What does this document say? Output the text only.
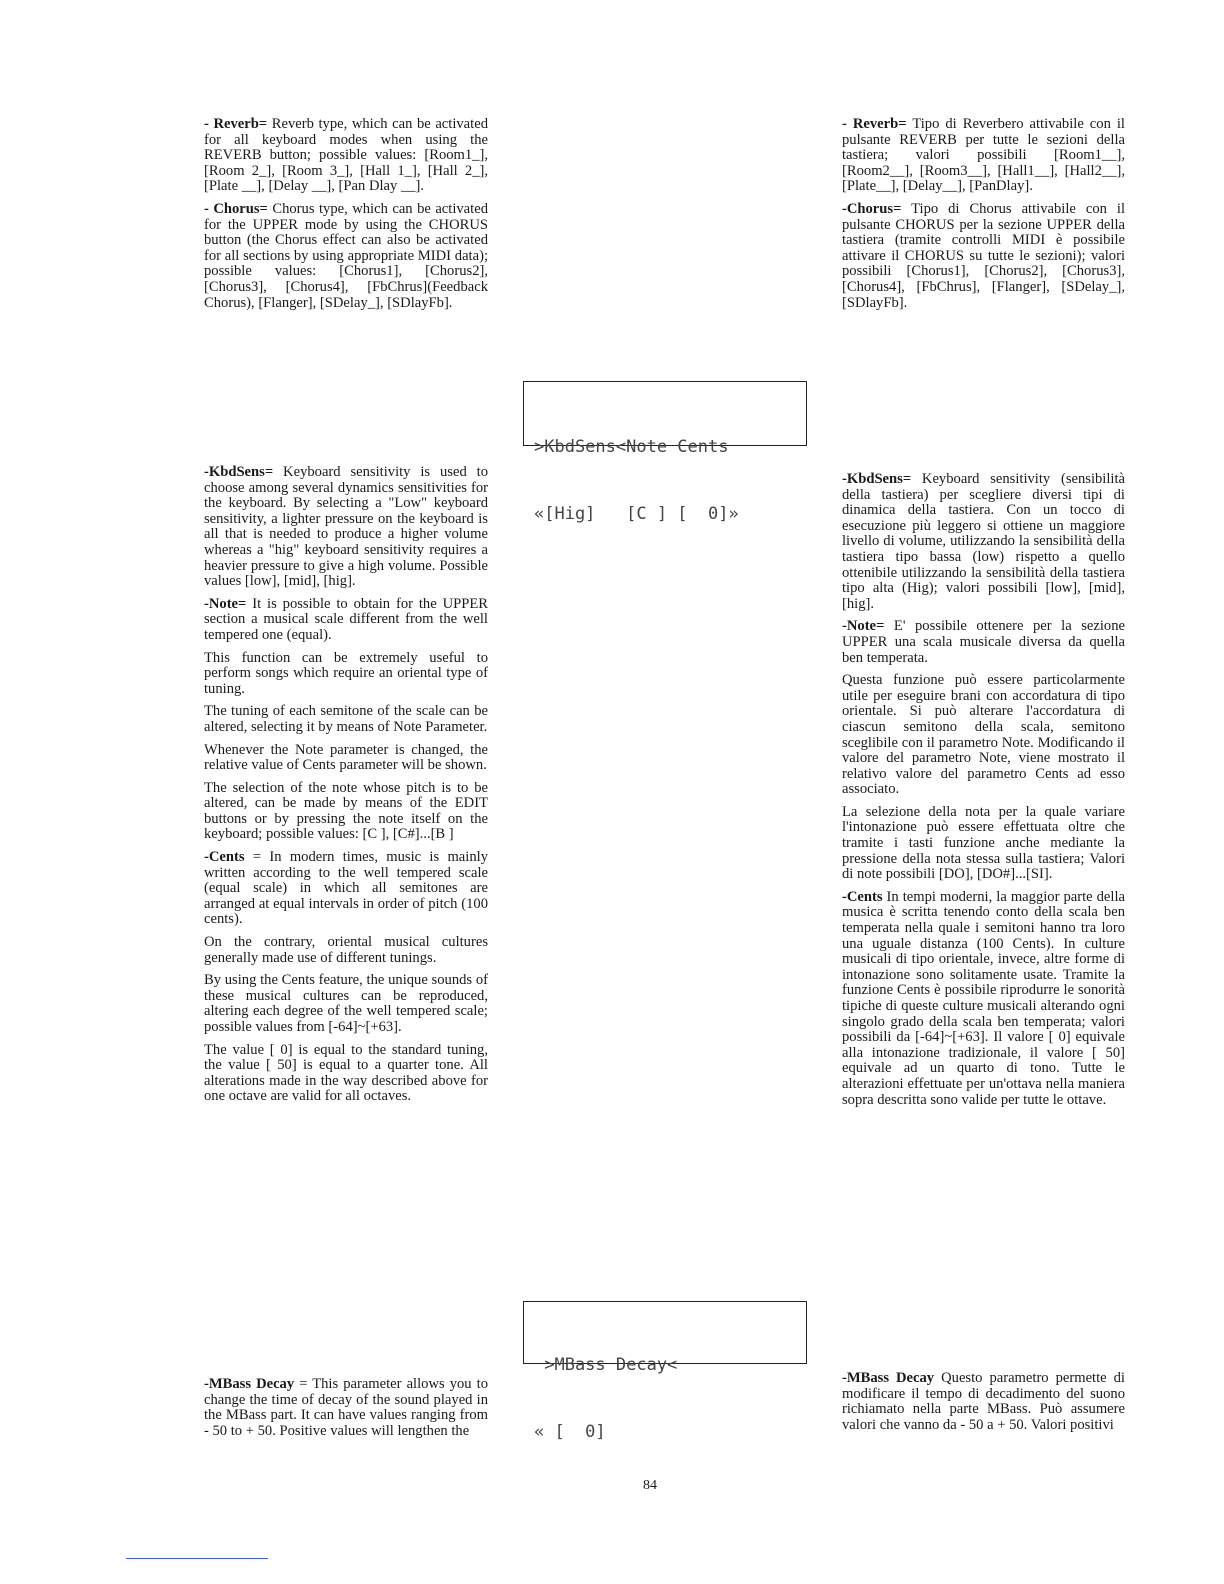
- Reverb= Reverb type, which can be activated for all keyboard modes when using the REVERB button; possible values: [Room1_], [Room 2_], [Room 3_], [Hall 1_], [Hall 2_], [Plate __], [Delay __], [Pan Dlay __].

- Chorus= Chorus type, which can be activated for the UPPER mode by using the CHORUS button (the Chorus effect can also be activated for all sections by using appropriate MIDI data); possible values: [Chorus1], [Chorus2], [Chorus3], [Chorus4], [FbChrus](Feedback Chorus), [Flanger], [SDelay_], [SDlayFb].

-KbdSens= Keyboard sensitivity is used to choose among several dynamics sensitivities for the keyboard. By selecting a "Low" keyboard sensitivity, a lighter pressure on the keyboard is all that is needed to produce a higher volume whereas a "hig" keyboard sensitivity requires a heavier pressure to give a high volume. Possible values [low], [mid], [hig].

-Note= It is possible to obtain for the UPPER section a musical scale different from the well tempered one (equal).

This function can be extremely useful to perform songs which require an oriental type of tuning.

The tuning of each semitone of the scale can be altered, selecting it by means of Note Parameter.

Whenever the Note parameter is changed, the relative value of Cents parameter will be shown.

The selection of the note whose pitch is to be altered, can be made by means of the EDIT buttons or by pressing the note itself on the keyboard; possible values: [C ], [C#]...[B ]

-Cents = In modern times, music is mainly written according to the well tempered scale (equal scale) in which all semitones are arranged at equal intervals in order of pitch (100 cents).

On the contrary, oriental musical cultures generally made use of different tunings.

By using the Cents feature, the unique sounds of these musical cultures can be reproduced, altering each degree of the well tempered scale; possible values from [-64]~[+63].

The value [ 0] is equal to the standard tuning, the value [ 50] is equal to a quarter tone. All alterations made in the way described above for one octave are valid for all octaves.

-MBass Decay = This parameter allows you to change the time of decay of the sound played in the MBass part. It can have values ranging from - 50 to + 50. Positive values will lengthen the

>KbdSens<Note Cents

«[Hig]   [C ] [  0]»

>MBass Decay<

« [  0]

- Reverb= Tipo di Reverbero attivabile con il pulsante REVERB per tutte le sezioni della tastiera; valori possibili [Room1__], [Room2__], [Room3__], [Hall1__], [Hall2__], [Plate__], [Delay__], [PanDlay].

-Chorus= Tipo di Chorus attivabile con il pulsante CHORUS per la sezione UPPER della tastiera (tramite controlli MIDI è possibile attivare il CHORUS su tutte le sezioni); valori possibili [Chorus1], [Chorus2], [Chorus3], [Chorus4], [FbChrus], [Flanger], [SDelay_], [SDlayFb].

-KbdSens= Keyboard sensitivity (sensibilità della tastiera) per scegliere diversi tipi di dinamica della tastiera. Con un tocco di esecuzione più leggero si ottiene un maggiore livello di volume, utilizzando la sensibilità della tastiera tipo bassa (low) rispetto a quello ottenibile utilizzando la sensibilità della tastiera tipo alta (Hig); valori possibili [low], [mid], [hig].

-Note= E' possibile ottenere per la sezione UPPER una scala musicale diversa da quella ben temperata.

Questa funzione può essere particolarmente utile per eseguire brani con accordatura di tipo orientale. Si può alterare l'accordatura di ciascun semitono della scala, semitono sceglibile con il parametro Note. Modificando il valore del parametro Note, viene mostrato il relativo valore del parametro Cents ad esso associato.

La selezione della nota per la quale variare l'intonazione può essere effettuata oltre che tramite i tasti funzione anche mediante la pressione della nota stessa sulla tastiera; Valori di note possibili [DO], [DO#]...[SI].

-Cents In tempi moderni, la maggior parte della musica è scritta tenendo conto della scala ben temperata nella quale i semitoni hanno tra loro una uguale distanza (100 Cents). In culture musicali di tipo orientale, invece, altre forme di intonazione sono solitamente usate. Tramite la funzione Cents è possibile riprodurre le sonorità tipiche di queste culture musicali alterando ogni singolo grado della scala ben temperata; valori possibili da [-64]~[+63]. Il valore [ 0] equivale alla intonazione tradizionale, il valore [ 50] equivale ad un quarto di tono. Tutte le alterazioni effettuate per un'ottava nella maniera sopra descritta sono valide per tutte le ottave.

-MBass Decay Questo parametro permette di modificare il tempo di decadimento del suono richiamato nella parte MBass. Può assumere valori che vanno da - 50 a + 50. Valori positivi

84
